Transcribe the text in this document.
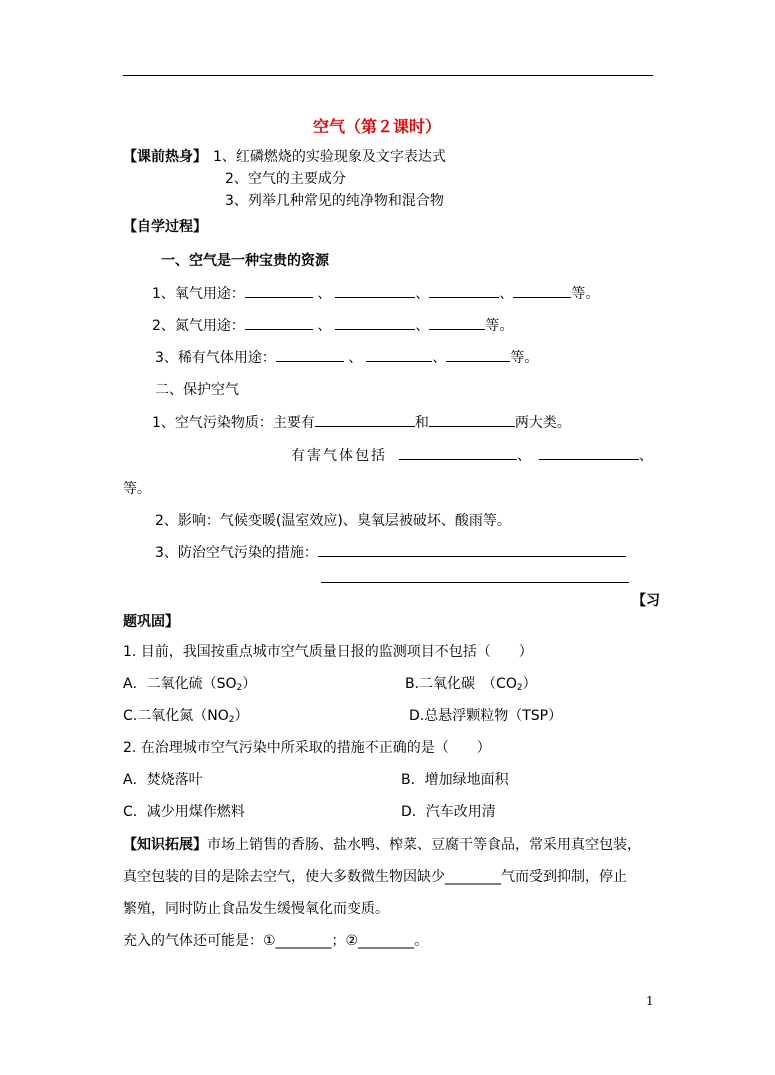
空气（第２课时）
【课前热身】 1、红磷燃烧的实验现象及文字表达式
2、空气的主要成分
3、列举几种常见的纯净物和混合物
【自学过程】
一、空气是一种宝贵的资源
1、氧气用途：	、	、	、	等。
2、氮气用途：	、	、	等。
3、稀有气体用途：	、	、	等。
二、保护空气
1、空气污染物质：主要有	和	两大类。
有害气体包括	、	、
等。
2、影响：气候变暖(温室效应)、臭氧层被破坏、酸雨等。
3、防治空气污染的措施：
【习
题巩固】
1. 目前，我国按重点城市空气质量日报的监测项目不包括（　　）
A．二氧化硫$(SO_2)$	B.二氧化碳　$(CO_2)$
C.二氧化氮$(NO_2)$	D.总悬浮颗粒物（TSP）
2. 在治理城市空气污染中所采取的措施不正确的是（　　）
A．焚烧落叶	B．增加绿地面积
C．减少用煤作燃料	D．汽车改用清
【知识拓展】市场上销售的香肠、盐水鸭、榨菜、豆腐干等食品，常采用真空包装，
真空包装的目的是除去空气，使大多数微生物因缺少________气而受到抑制，停止
繁殖，同时防止食品发生缓慢氧化而变质。
充入的气体还可能是：①________；②________。
1
